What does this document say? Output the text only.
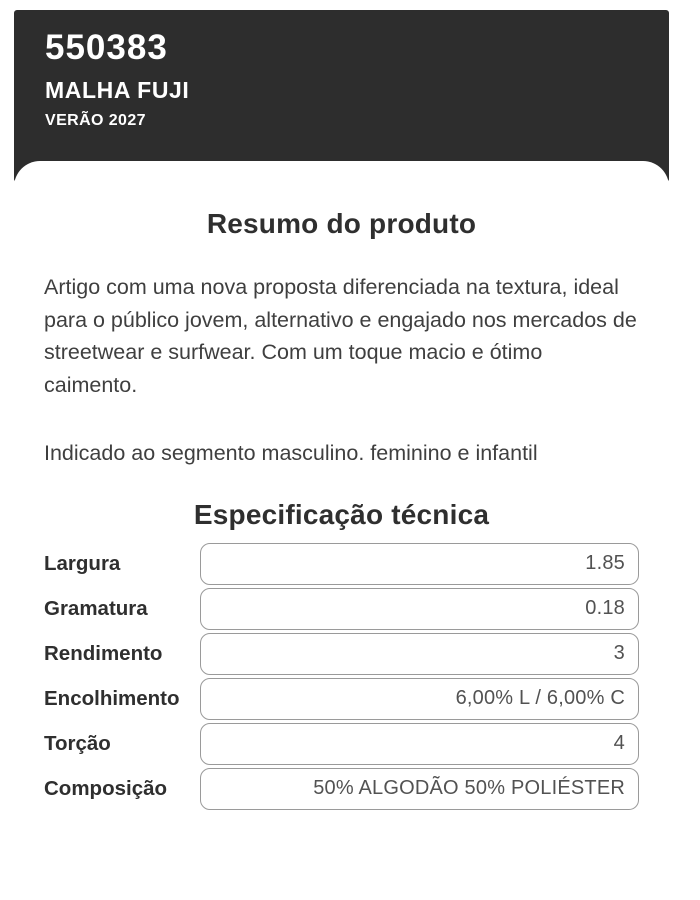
550383
MALHA FUJI
VERÃO 2027
Resumo do produto

Artigo com uma nova proposta diferenciada na textura, ideal para o público jovem, alternativo e engajado nos mercados de streetwear e surfwear. Com um toque macio e ótimo caimento.

Indicado ao segmento masculino. feminino e infantil

Especificação técnica
Largura	1.85
Gramatura	0.18
Rendimento	3
Encolhimento	6,00% L / 6,00% C
Torção	4
Composição	50% ALGODÃO 50% POLIÉSTER
